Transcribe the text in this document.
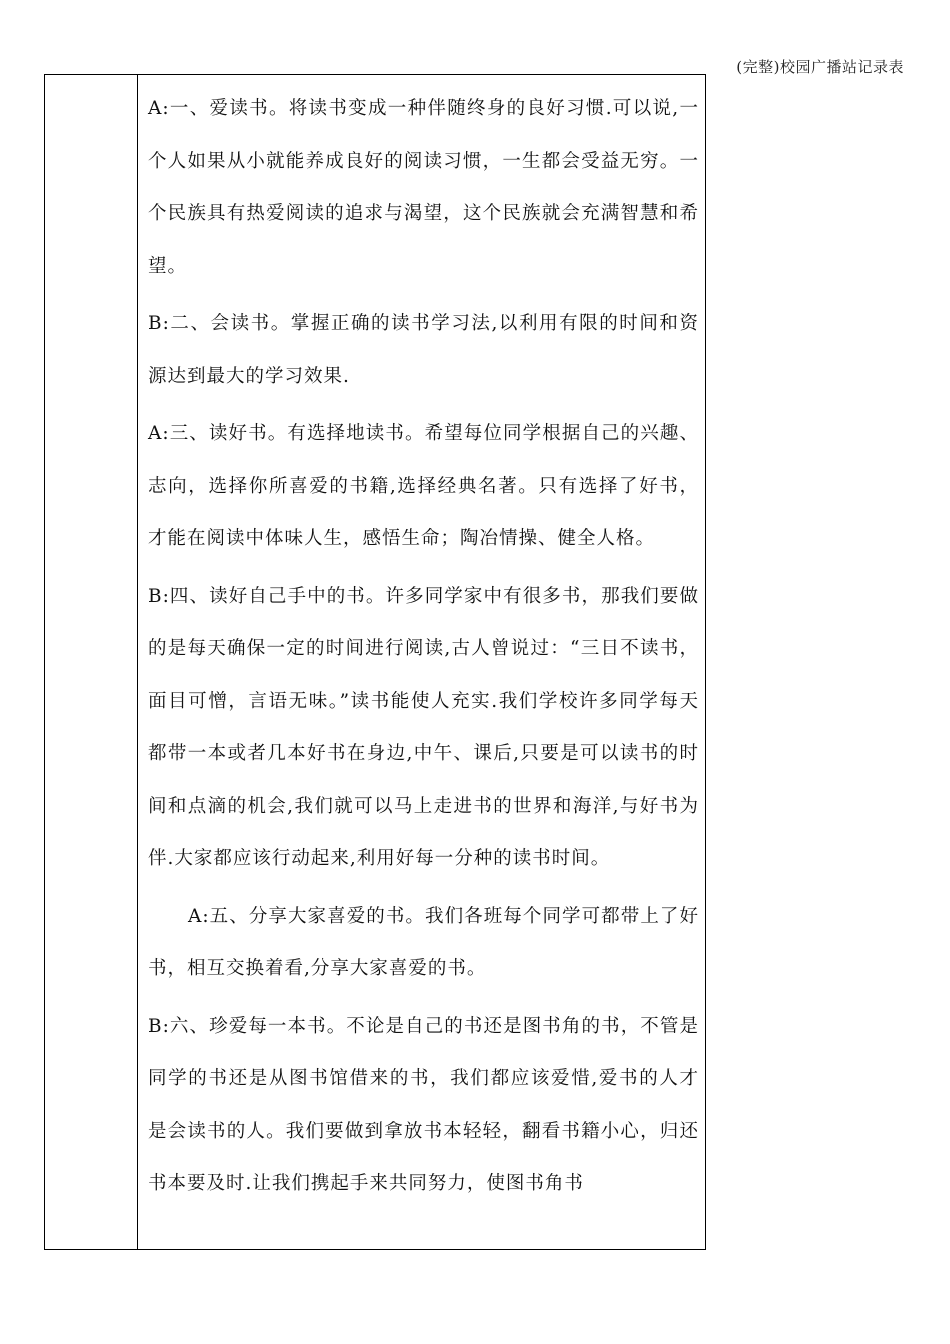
(完整)校园广播站记录表

A:一、爱读书。将读书变成一种伴随终身的良好习惯.可以说,一个人如果从小就能养成良好的阅读习惯，一生都会受益无穷。一个民族具有热爱阅读的追求与渴望，这个民族就会充满智慧和希望。

B:二、会读书。掌握正确的读书学习法,以利用有限的时间和资源达到最大的学习效果.

A:三、读好书。有选择地读书。希望每位同学根据自己的兴趣、志向，选择你所喜爱的书籍,选择经典名著。只有选择了好书，才能在阅读中体味人生，感悟生命；陶冶情操、健全人格。

B:四、读好自己手中的书。许多同学家中有很多书，那我们要做的是每天确保一定的时间进行阅读,古人曾说过：“三日不读书，面目可憎，言语无味。”读书能使人充实.我们学校许多同学每天都带一本或者几本好书在身边,中午、课后,只要是可以读书的时间和点滴的机会,我们就可以马上走进书的世界和海洋,与好书为伴.大家都应该行动起来,利用好每一分种的读书时间。

A:五、分享大家喜爱的书。我们各班每个同学可都带上了好书，相互交换着看,分享大家喜爱的书。

B:六、珍爱每一本书。不论是自己的书还是图书角的书，不管是同学的书还是从图书馆借来的书，我们都应该爱惜,爱书的人才是会读书的人。我们要做到拿放书本轻轻，翻看书籍小心，归还书本要及时.让我们携起手来共同努力，使图书角书
